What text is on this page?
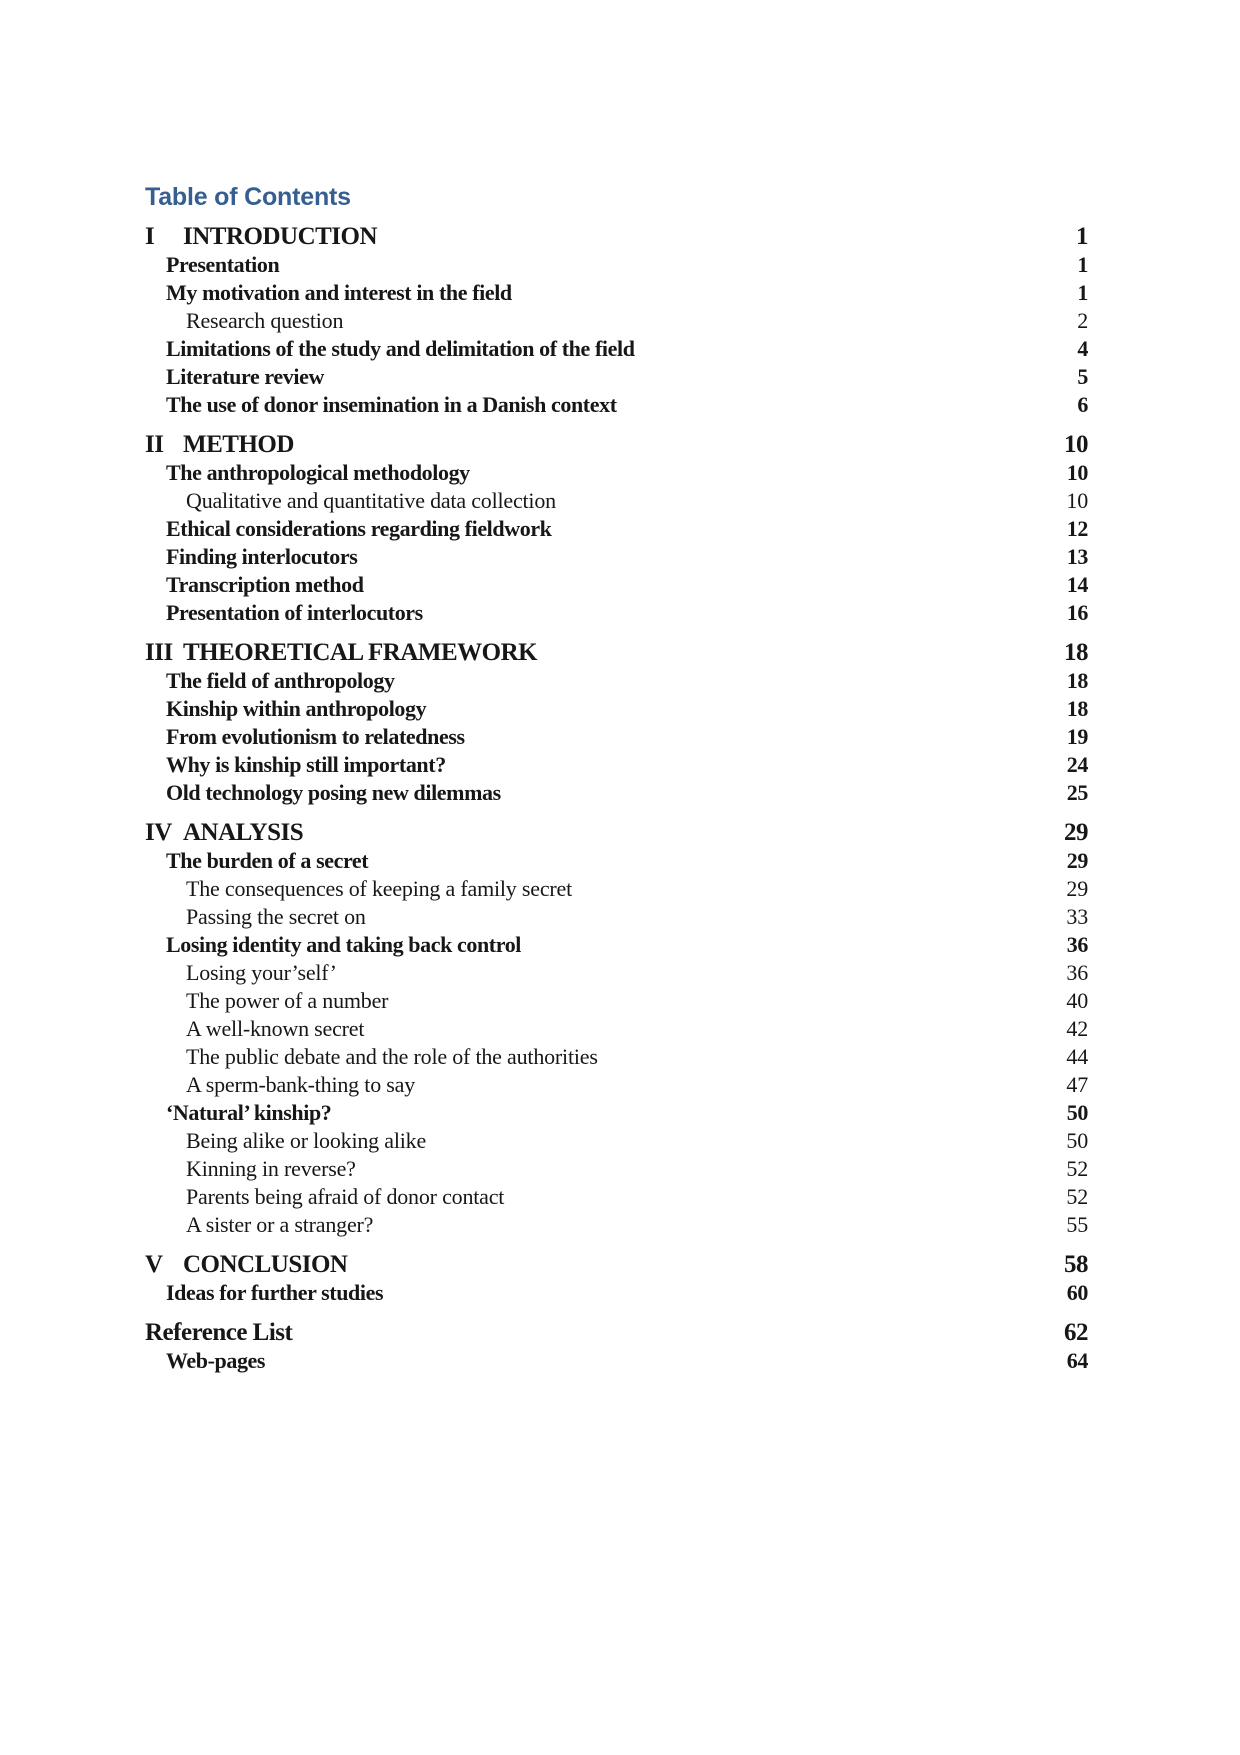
Table of Contents
I	INTRODUCTION	1
Presentation	1
My motivation and interest in the field	1
Research question	2
Limitations of the study and delimitation of the field	4
Literature review	5
The use of donor insemination in a Danish context	6
II METHOD	10
The anthropological methodology	10
Qualitative and quantitative data collection	10
Ethical considerations regarding fieldwork	12
Finding interlocutors	13
Transcription method	14
Presentation of interlocutors	16
III THEORETICAL FRAMEWORK	18
The field of anthropology	18
Kinship within anthropology	18
From evolutionism to relatedness	19
Why is kinship still important?	24
Old technology posing new dilemmas	25
IV ANALYSIS	29
The burden of a secret	29
The consequences of keeping a family secret	29
Passing the secret on	33
Losing identity and taking back control	36
Losing your’self’	36
The power of a number	40
A well-known secret	42
The public debate and the role of the authorities	44
A sperm-bank-thing to say	47
‘Natural’ kinship?	50
Being alike or looking alike	50
Kinning in reverse?	52
Parents being afraid of donor contact	52
A sister or a stranger?	55
V CONCLUSION	58
Ideas for further studies	60
Reference List	62
Web-pages	64
